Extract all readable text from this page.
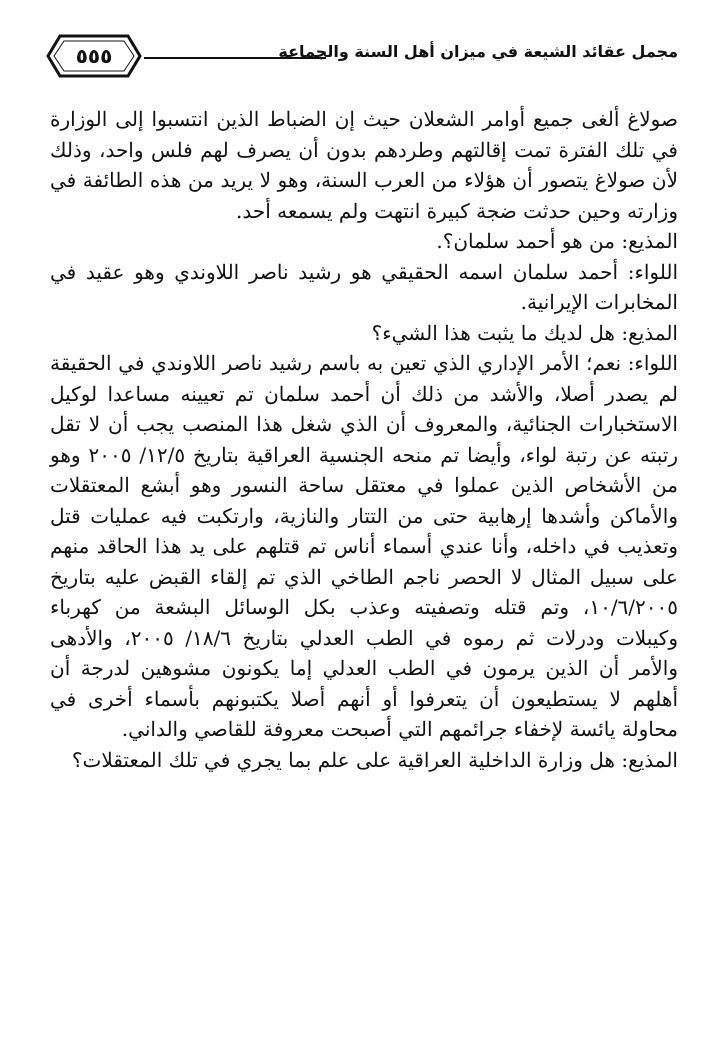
٥٥٥	مجمل عقائد الشيعة في ميزان أهل السنة والجماعة

صولاغ ألغى جميع أوامر الشعلان حيث إن الضباط الذين انتسبوا إلى الوزارة في تلك الفترة تمت إقالتهم وطردهم بدون أن يصرف لهم فلس واحد، وذلك لأن صولاغ يتصور أن هؤلاء من العرب السنة، وهو لا يريد من هذه الطائفة في وزارته وحين حدثت ضجة كبيرة انتهت ولم يسمعه أحد.

المذيع: من هو أحمد سلمان؟.

اللواء: أحمد سلمان اسمه الحقيقي هو رشيد ناصر اللاوندي وهو عقيد في المخابرات الإيرانية.

المذيع: هل لديك ما يثبت هذا الشيء؟

اللواء: نعم؛ الأمر الإداري الذي تعين به باسم رشيد ناصر اللاوندي في الحقيقة لم يصدر أصلا، والأشد من ذلك أن أحمد سلمان تم تعيينه مساعدا لوكيل الاستخبارات الجنائية، والمعروف أن الذي شغل هذا المنصب يجب أن لا تقل رتبته عن رتبة لواء، وأيضا تم منحه الجنسية العراقية بتاريخ ١٢/٥/ ٢٠٠٥ وهو من الأشخاص الذين عملوا في معتقل ساحة النسور وهو أبشع المعتقلات والأماكن وأشدها إرهابية حتى من التتار والنازية، وارتكبت فيه عمليات قتل وتعذيب في داخله، وأنا عندي أسماء أناس تم قتلهم على يد هذا الحاقد منهم على سبيل المثال لا الحصر ناجم الطاخي الذي تم إلقاء القبض عليه بتاريخ ١٠/٦/٢٠٠٥، وتم قتله وتصفيته وعذب بكل الوسائل البشعة من كهرباء وكيبلات ودرلات ثم رموه في الطب العدلي بتاريخ ١٨/٦/ ٢٠٠٥، والأدهى والأمر أن الذين يرمون في الطب العدلي إما يكونون مشوهين لدرجة أن أهلهم لا يستطيعون أن يتعرفوا أو أنهم أصلا يكتبونهم بأسماء أخرى في محاولة يائسة لإخفاء جرائمهم التي أصبحت معروفة للقاصي والداني.

المذيع: هل وزارة الداخلية العراقية على علم بما يجري في تلك المعتقلات؟
